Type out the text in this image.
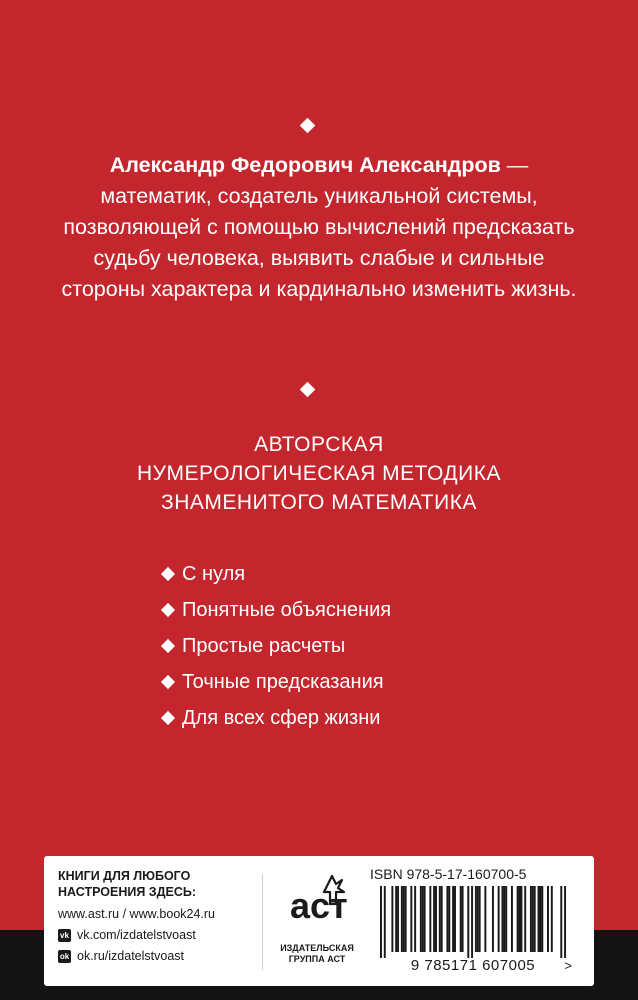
Александр Федорович Александров — математик, создатель уникальной системы, позволяющей с помощью вычислений предсказать судьбу человека, выявить слабые и сильные стороны характера и кардинально изменить жизнь.
АВТОРСКАЯ
НУМЕРОЛОГИЧЕСКАЯ МЕТОДИКА
ЗНАМЕНИТОГО МАТЕМАТИКА
С нуля
Понятные объяснения
Простые расчеты
Точные предсказания
Для всех сфер жизни
КНИГИ ДЛЯ ЛЮБОГО
НАСТРОЕНИЯ ЗДЕСЬ:
www.ast.ru / www.book24.ru
vk vk.com/izdatelstvoast
ok ok.ru/izdatelstvoast
аст
ИЗДАТЕЛЬСКАЯ
ГРУППА АСТ
ISBN 978-5-17-160700-5
9 785171 607005 >
